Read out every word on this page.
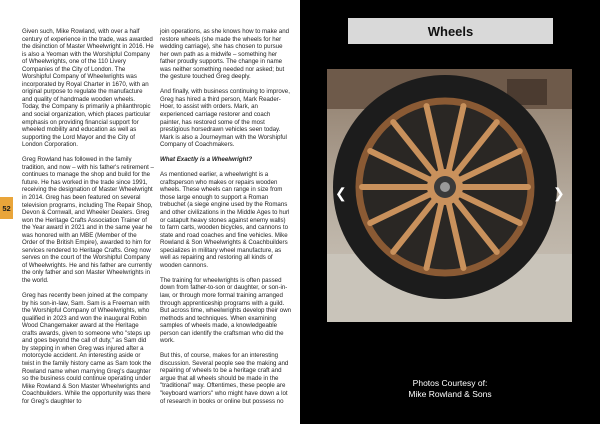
52

Given such, Mike Rowland, with over a half century of experience in the trade, was awarded the disinction of Master Wheelwright in 2016. He is also a Yeoman with the Worshipful Company of Wheelwrights, one of the 110 Livery Companies of the City of London. The Worshipful Company of Wheelwrights was incorporated by Royal Charter in 1670, with an original purpose to regulate the manufacture and quality of handmade wooden wheels. Today, the Company is primarily a philanthropic and social organization, which places particular emphasis on providing financial support for wheeled mobility and education as well as supporting the Lord Mayor and the City of London Corporation.

Greg Rowland has followed in the family tradition, and now – with his father's retirement – continues to manage the shop and build for the future. He has worked in the trade since 1991, receiving the designation of Master Wheelwright in 2014. Greg has been featured on several television programs, including The Repair Shop, Devon & Cornwall, and Wheeler Dealers. Greg won the Heritage Crafts Association Trainer of the Year award in 2021 and in the same year he was honored with an MBE (Member of the Order of the British Empire), awarded to him for services rendered to Heritage Crafts. Greg now serves on the court of the Worshipful Company of Wheelwrights. He and his father are currently the only father and son Master Wheelwrights in the world.

Greg has recently been joined at the company by his son-in-law, Sam. Sam is a Freeman with the Worshipful Company of Wheelwrights, who qualified in 2023 and won the inaugural Robin Wood Changemaker award at the Heritage crafts awards, given to someone who "steps up and goes beyond the call of duty," as Sam did by stepping in when Greg was injured after a motorcycle accident. An interesting aside or twist in the family history came as Sam took the Rowland name when marrying Greg's daughter so the business could continue operating under Mike Rowland & Son Master Wheelwrights and Coachbuilders. While the opportunity was there for Greg's daughter to

join operations, as she knows how to make and restore wheels (she made the wheels for her wedding carriage), she has chosen to pursue her own path as a midwife – something her father proudly supports. The change in name was neither something needed nor asked; but the gesture touched Greg deeply.

And finally, with business continuing to improve, Greg has hired a third person, Mark Reader-Hoer, to assist with orders. Mark, an experienced carriage restorer and coach painter, has restored some of the most prestigious horsedrawn vehicles seen today. Mark is also a Journeyman with the Worshipful Company of Coachmakers.

What Exactly is a Wheelwright?

As mentioned earlier, a wheelwright is a craftsperson who makes or repairs wooden wheels. These wheels can range in size from those large enough to support a Roman trebuchet (a siege engine used by the Romans and other civilizations in the Middle Ages to hurl or catapult heavy stones against enemy walls) to farm carts, wooden bicycles, and cannons to state and road coaches and fine vehicles. Mike Rowland & Son Wheelwrights & Coachbuilders specializes in military wheel manufacture, as well as repairing and restoring all kinds of wooden cannons.

The training for wheelwrights is often passed down from father-to-son or daughter, or son-in-law, or through more formal training arranged through apprenticeship programs with a guild. But across time, wheelwrights develop their own methods and techniques. When examining samples of wheels made, a knowledgeable person can identify the craftsman who did the work.

But this, of course, makes for an interesting discussion. Several people see the making and repairing of wheels to be a heritage craft and argue that all wheels should be made in the "traditional" way. Oftentimes, these people are "keyboard warriors" who might have down a lot of research in books or online but possess no

Wheels
❮	❯
Photos Courtesy of:
Mike Rowland & Sons
